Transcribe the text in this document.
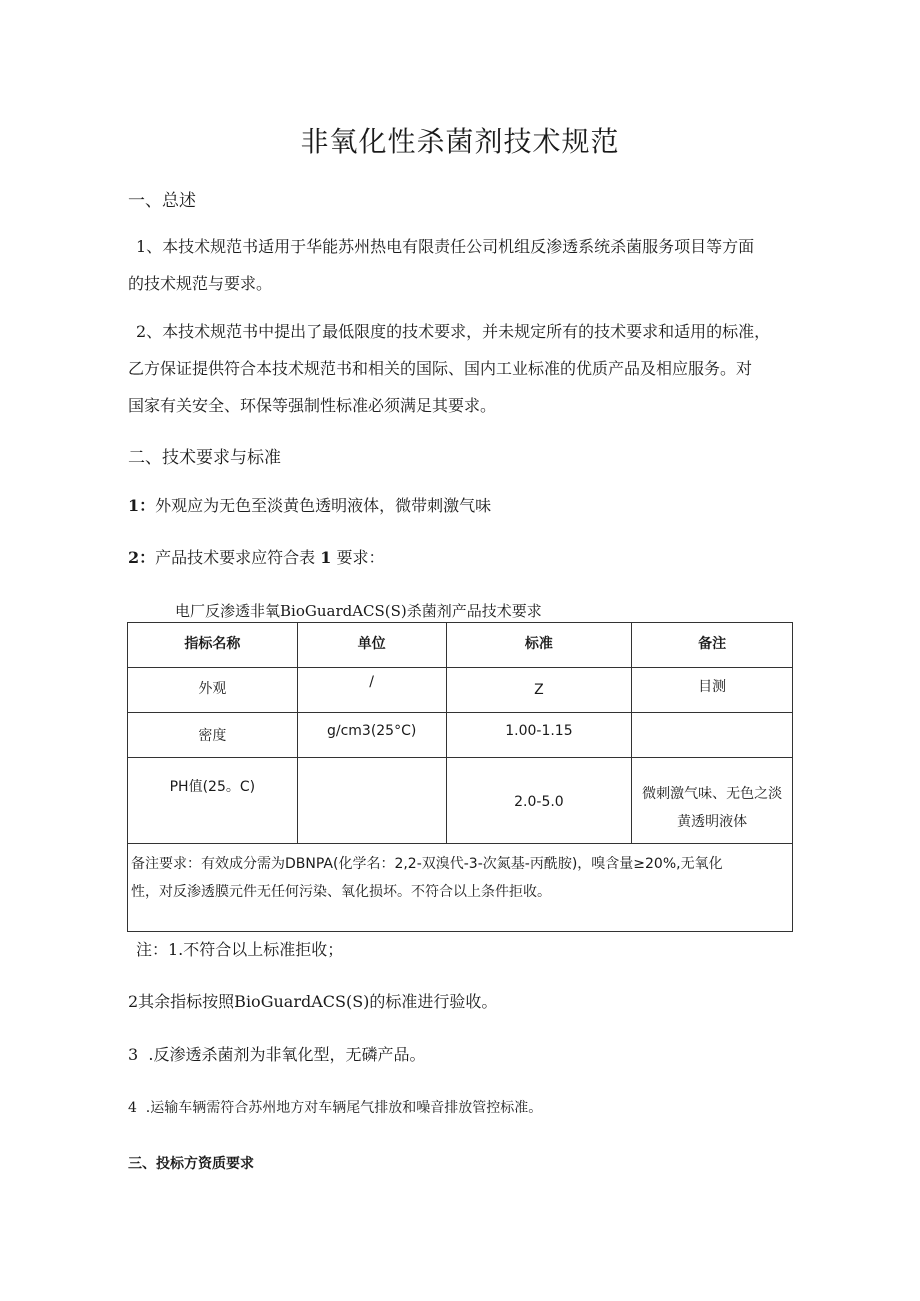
非氧化性杀菌剂技术规范
一、总述
1、本技术规范书适用于华能苏州热电有限责任公司机组反渗透系统杀菌服务项目等方面
的技术规范与要求。
2、本技术规范书中提出了最低限度的技术要求，并未规定所有的技术要求和适用的标准，
乙方保证提供符合本技术规范书和相关的国际、国内工业标准的优质产品及相应服务。对
国家有关安全、环保等强制性标准必须满足其要求。
二、技术要求与标准
1：外观应为无色至淡黄色透明液体，微带刺激气味
2：产品技术要求应符合表 1 要求：
电厂反渗透非氧BioGuardACS(S)杀菌剂产品技术要求
指标名称	单位	标准	备注
外观	/	Z	目测
密度	g∕cm3(25°C)	1.00-1.15	
PH值(25。C)		2.0-5.0	微刺激气味、无色之淡
黄透明液体

备注要求：有效成分需为DBNPA(化学名：2,2-双溴代-3-次氮基-丙酰胺)，嗅含量≥20%,无氧化
性，对反渗透膜元件无任何污染、氧化损坏。不符合以上条件拒收。			
注：1.不符合以上标准拒收；
2其余指标按照BioGuardACS(S)的标准进行验收。
3  .反渗透杀菌剂为非氧化型，无磷产品。
4  .运输车辆需符合苏州地方对车辆尾气排放和噪音排放管控标准。
三、投标方资质要求
